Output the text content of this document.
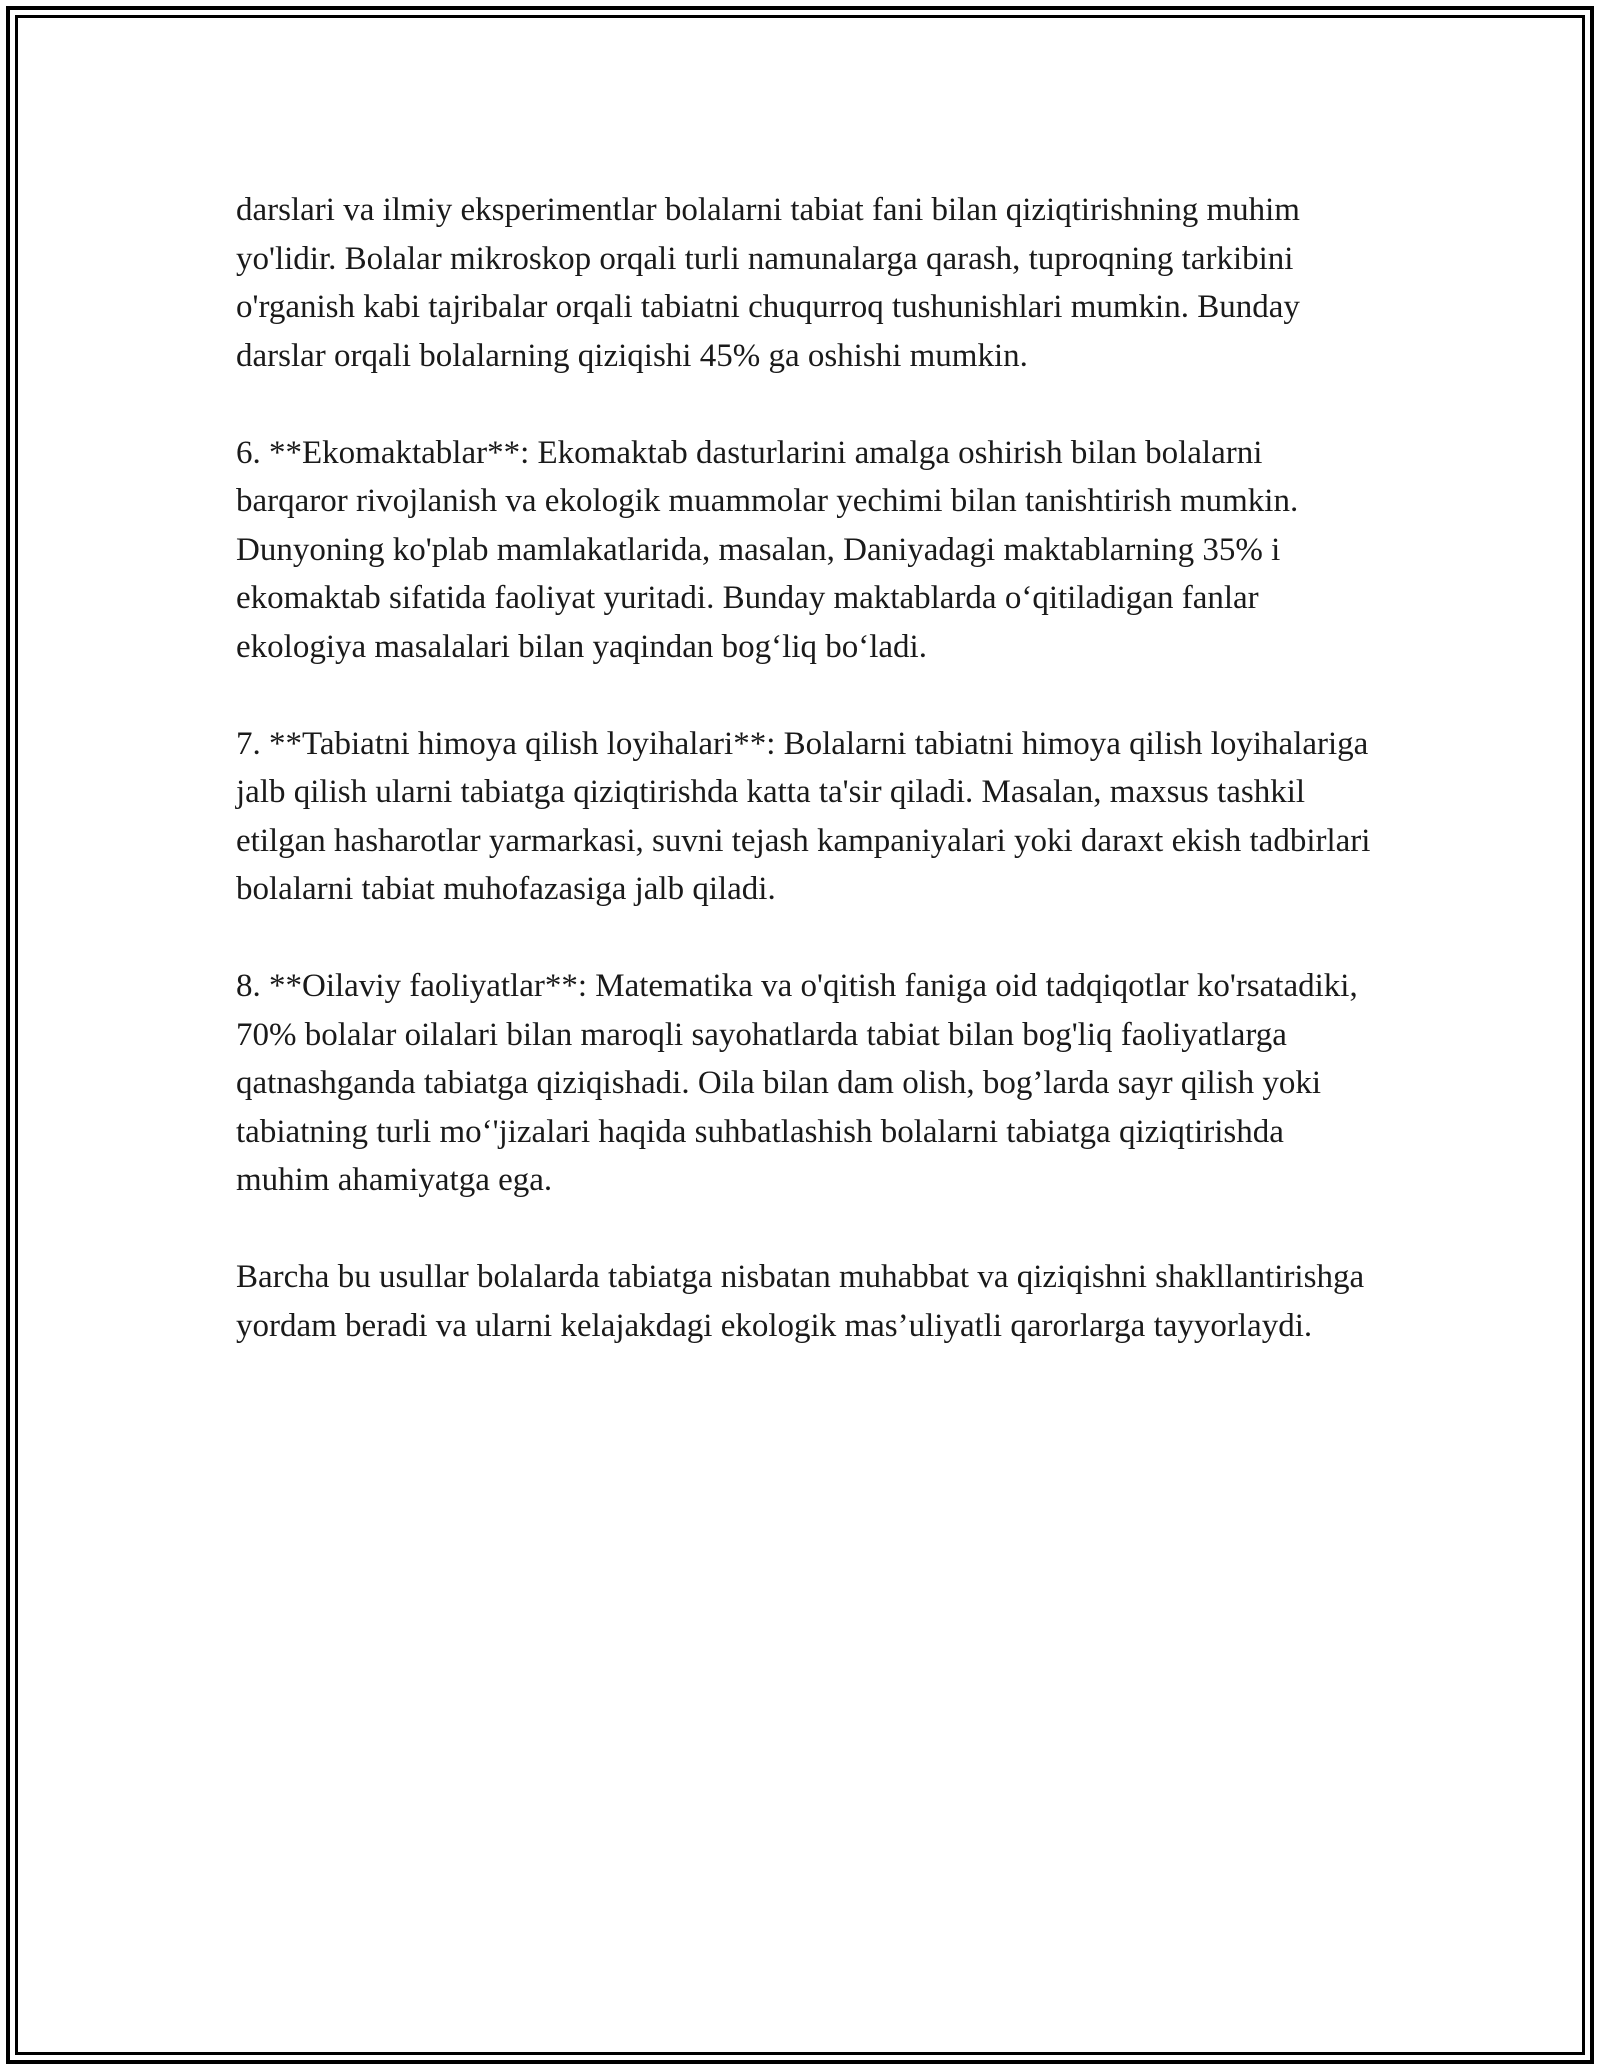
darslari va ilmiy eksperimentlar bolalarni tabiat fani bilan qiziqtirishning muhim yo'lidir. Bolalar mikroskop orqali turli namunalarga qarash, tuproqning tarkibini o'rganish kabi tajribalar orqali tabiatni chuqurroq tushunishlari mumkin. Bunday darslar orqali bolalarning qiziqishi 45% ga oshishi mumkin.

6. **Ekomaktablar**: Ekomaktab dasturlarini amalga oshirish bilan bolalarni barqaror rivojlanish va ekologik muammolar yechimi bilan tanishtirish mumkin. Dunyoning ko'plab mamlakatlarida, masalan, Daniyadagi maktablarning 35% i ekomaktab sifatida faoliyat yuritadi. Bunday maktablarda o‘qitiladigan fanlar ekologiya masalalari bilan yaqindan bog‘liq bo‘ladi.

7. **Tabiatni himoya qilish loyihalari**: Bolalarni tabiatni himoya qilish loyihalariga jalb qilish ularni tabiatga qiziqtirishda katta ta'sir qiladi. Masalan, maxsus tashkil etilgan hasharotlar yarmarkasi, suvni tejash kampaniyalari yoki daraxt ekish tadbirlari bolalarni tabiat muhofazasiga jalb qiladi.

8. **Oilaviy faoliyatlar**: Matematika va o'qitish faniga oid tadqiqotlar ko'rsatadiki, 70% bolalar oilalari bilan maroqli sayohatlarda tabiat bilan bog'liq faoliyatlarga qatnashganda tabiatga qiziqishadi. Oila bilan dam olish, bog’larda sayr qilish yoki tabiatning turli mo‘'jizalari haqida suhbatlashish bolalarni tabiatga qiziqtirishda muhim ahamiyatga ega.

Barcha bu usullar bolalarda tabiatga nisbatan muhabbat va qiziqishni shakllantirishga yordam beradi va ularni kelajakdagi ekologik mas’uliyatli qarorlarga tayyorlaydi.
